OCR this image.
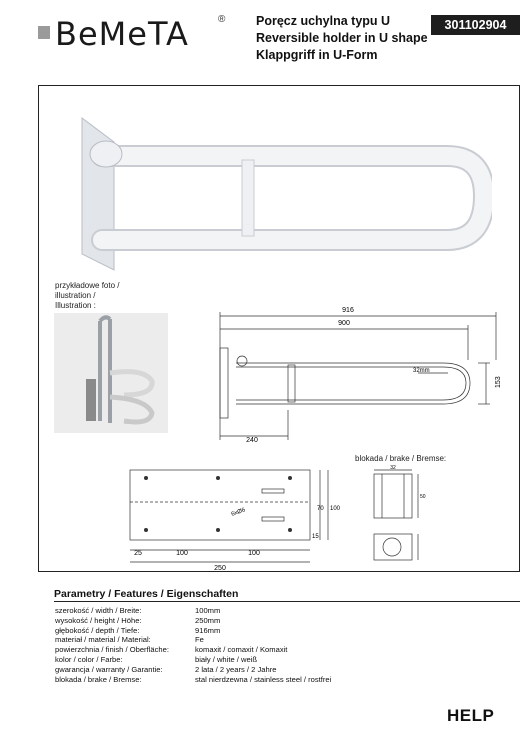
BeMeTA	® Poręcz uchylna typu U
Reversible holder in U shape
Klappgriff in U-Form
301102904
przykładowe foto /
illustration /
Illustration :
916
900
32mm
153
240
25	100	100
250
70 100
15
6xØ6
blokada / brake / Bremse:
32
50
Parametry / Features / Eigenschaften
szerokość / width / Breite:	100mm
wysokość / height / Höhe:	250mm
głębokość / depth / Tiefe:	916mm
materiał / material / Material:	Fe
powierzchnia / finish / Oberfläche:	komaxit / comaxit / Komaxit
kolor / color / Farbe:	biały / white / weiß
gwarancja / warranty / Garantie:	2 lata / 2 years / 2 Jahre
blokada / brake / Bremse:	stal nierdzewna / stainless steel / rostfrei
HELP
